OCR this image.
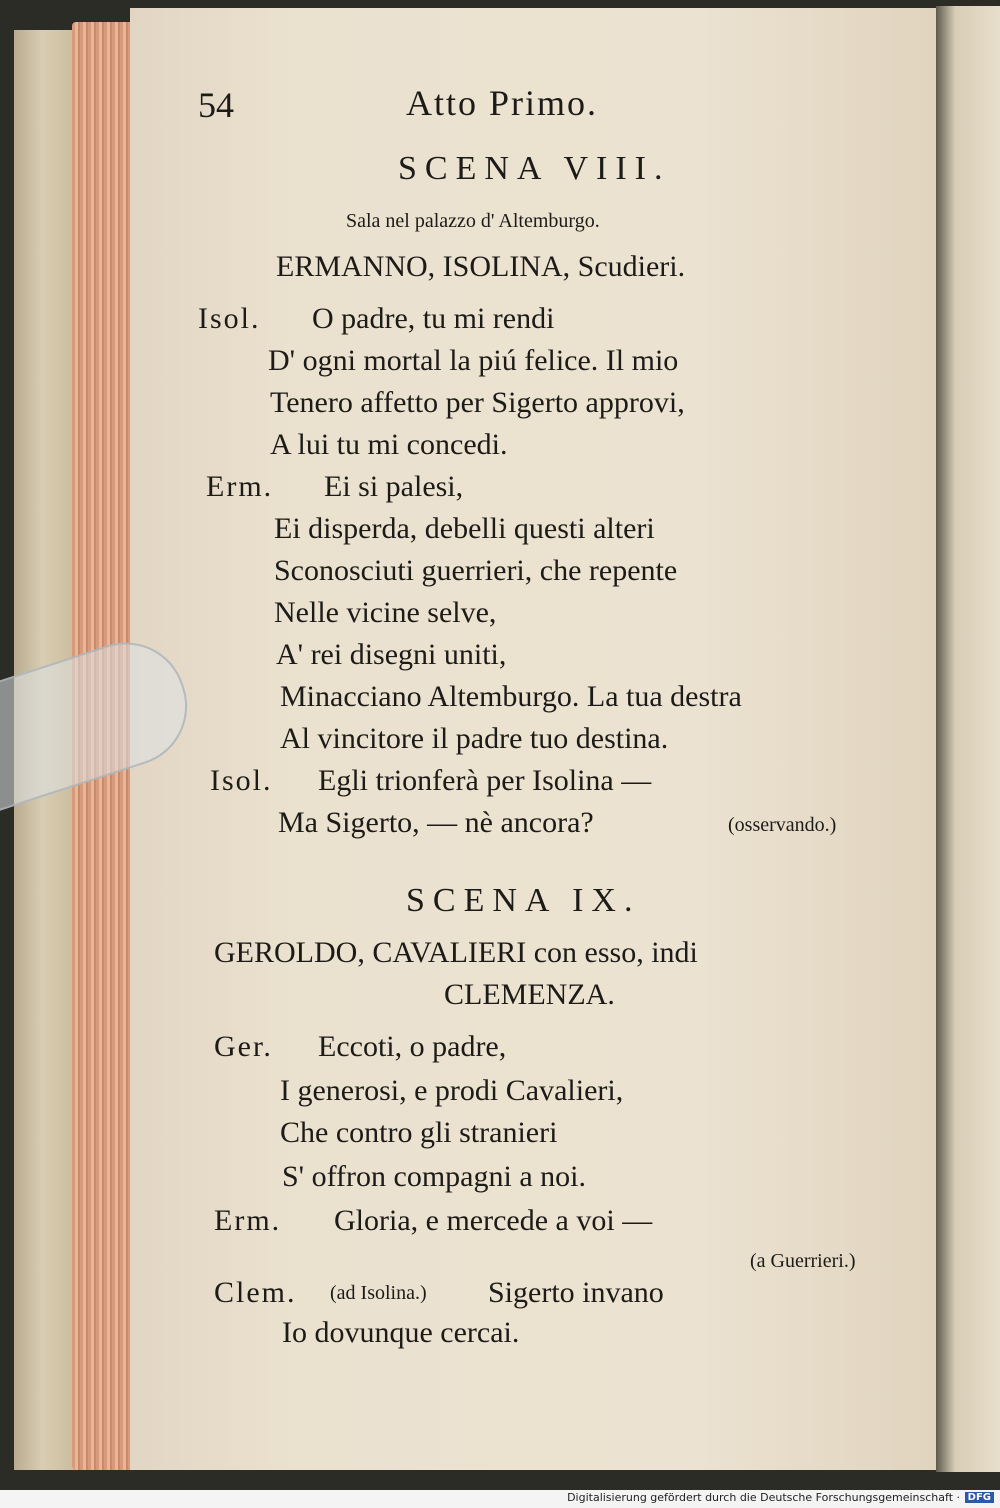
54	Atto Primo.
SCENA VIII.
Sala nel palazzo d' Altemburgo.
ERMANNO, ISOLINA, Scudieri.
Isol. O padre, tu mi rendi
D' ogni mortal la piú felice. Il mio
Tenero affetto per Sigerto approvi,
A lui tu mi concedi.
Erm. Ei si palesi,
Ei disperda, debelli questi alteri
Sconosciuti guerrieri, che repente
Nelle vicine selve,
A' rei disegni uniti,
Minacciano Altemburgo. La tua destra
Al vincitore il padre tuo destina.
Isol. Egli trionferà per Isolina —
Ma Sigerto, — nè ancora?	(osservando.)
SCENA IX.
GEROLDO, CAVALIERI con esso, indi
CLEMENZA.
Ger. Eccoti, o padre,
I generosi, e prodi Cavalieri,
Che contro gli stranieri
S' offron compagni a noi.
Erm. Gloria, e mercede a voi —
(a Guerrieri.)
Clem. (ad Isolina.) Sigerto invano
Io dovunque cercai.
Digitalisierung gefördert durch die Deutsche Forschungsgemeinschaft · DFG
